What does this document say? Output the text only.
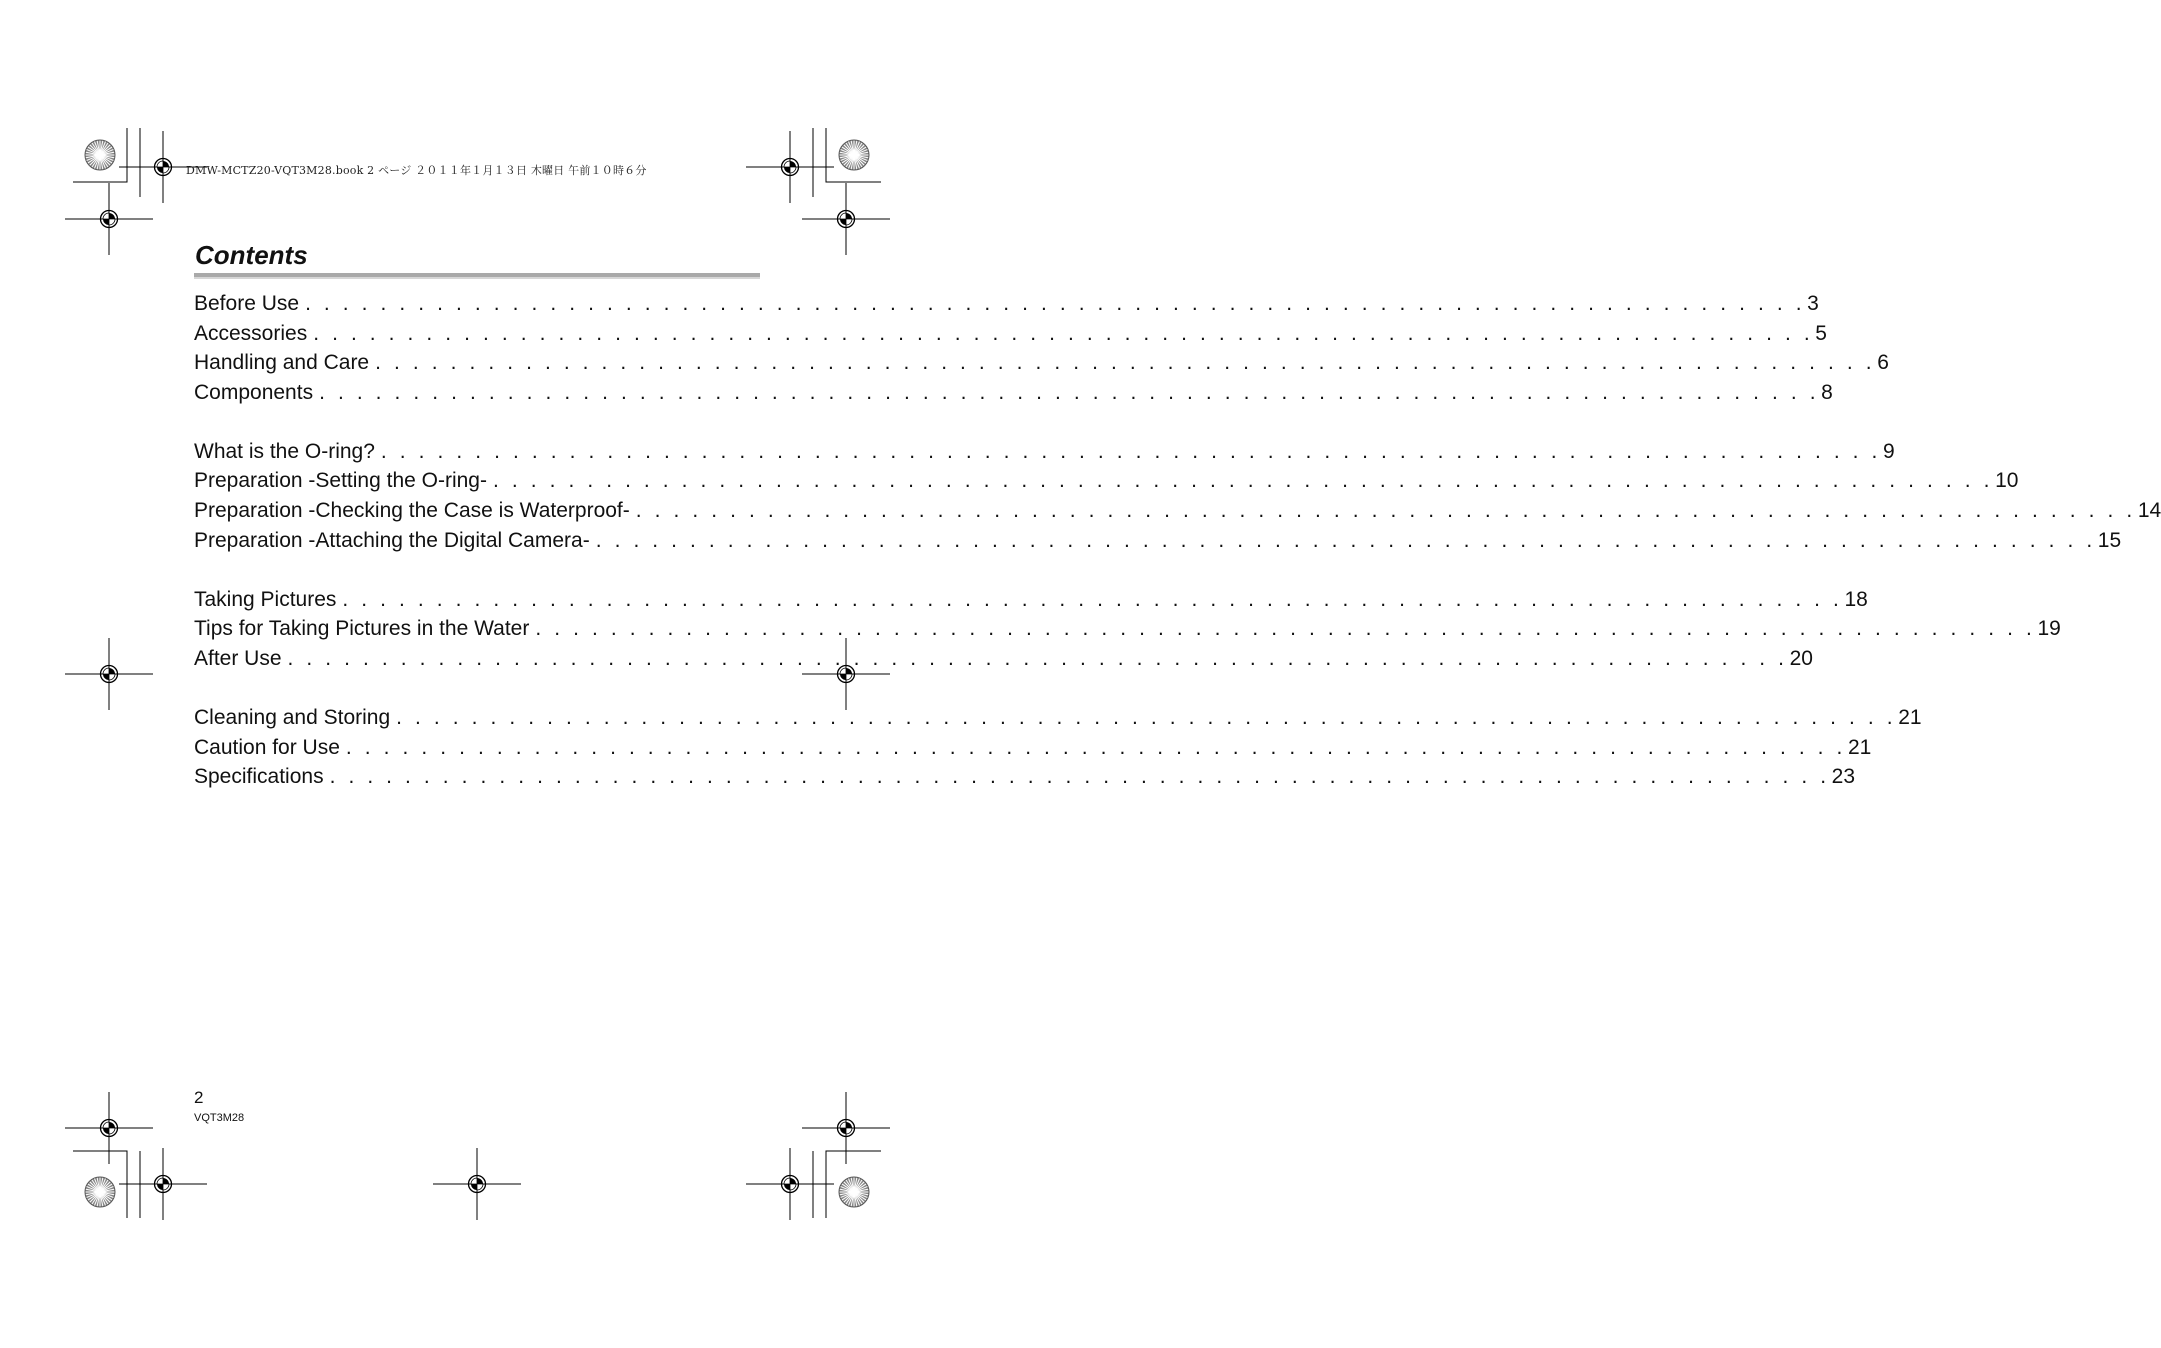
DMW-MCTZ20-VQT3M28.book 2 ページ ２０１１年１月１３日 木曜日 午前１０時６分
Contents
Before Use . . . . . . . . . . . . . . . . . . . . . . . . . . . . . . . . . . . . . . . . . . . . . . . . . . . . . . . . . . . . . . . . . . . . . . . . . . . . . . . . 3
Accessories . . . . . . . . . . . . . . . . . . . . . . . . . . . . . . . . . . . . . . . . . . . . . . . . . . . . . . . . . . . . . . . . . . . . . . . . . . . . . . . . 5
Handling and Care . . . . . . . . . . . . . . . . . . . . . . . . . . . . . . . . . . . . . . . . . . . . . . . . . . . . . . . . . . . . . . . . . . . . . . . . . . . . . . . . 6
Components . . . . . . . . . . . . . . . . . . . . . . . . . . . . . . . . . . . . . . . . . . . . . . . . . . . . . . . . . . . . . . . . . . . . . . . . . . . . . . . . 8
What is the O-ring? . . . . . . . . . . . . . . . . . . . . . . . . . . . . . . . . . . . . . . . . . . . . . . . . . . . . . . . . . . . . . . . . . . . . . . . . . . . . . . . . 9
Preparation -Setting the O-ring- . . . . . . . . . . . . . . . . . . . . . . . . . . . . . . . . . . . . . . . . . . . . . . . . . . . . . . . . . . . . . . . . . . . . . . . . . . . . . . . . 10
Preparation -Checking the Case is Waterproof- . . . . . . . . . . . . . . . . . . . . . . . . . . . . . . . . . . . . . . . . . . . . . . . . . . . . . . . . . . . . . . . . . . . . . . . . . . . . . . . . 14
Preparation -Attaching the Digital Camera- . . . . . . . . . . . . . . . . . . . . . . . . . . . . . . . . . . . . . . . . . . . . . . . . . . . . . . . . . . . . . . . . . . . . . . . . . . . . . . . . 15
Taking Pictures . . . . . . . . . . . . . . . . . . . . . . . . . . . . . . . . . . . . . . . . . . . . . . . . . . . . . . . . . . . . . . . . . . . . . . . . . . . . . . . . 18
Tips for Taking Pictures in the Water . . . . . . . . . . . . . . . . . . . . . . . . . . . . . . . . . . . . . . . . . . . . . . . . . . . . . . . . . . . . . . . . . . . . . . . . . . . . . . . . 19
After Use . . . . . . . . . . . . . . . . . . . . . . . . . . . . . . . . . . . . . . . . . . . . . . . . . . . . . . . . . . . . . . . . . . . . . . . . . . . . . . . . 20
Cleaning and Storing . . . . . . . . . . . . . . . . . . . . . . . . . . . . . . . . . . . . . . . . . . . . . . . . . . . . . . . . . . . . . . . . . . . . . . . . . . . . . . . . 21
Caution for Use . . . . . . . . . . . . . . . . . . . . . . . . . . . . . . . . . . . . . . . . . . . . . . . . . . . . . . . . . . . . . . . . . . . . . . . . . . . . . . . . 21
Specifications . . . . . . . . . . . . . . . . . . . . . . . . . . . . . . . . . . . . . . . . . . . . . . . . . . . . . . . . . . . . . . . . . . . . . . . . . . . . . . . . 23
2
VQT3M28
